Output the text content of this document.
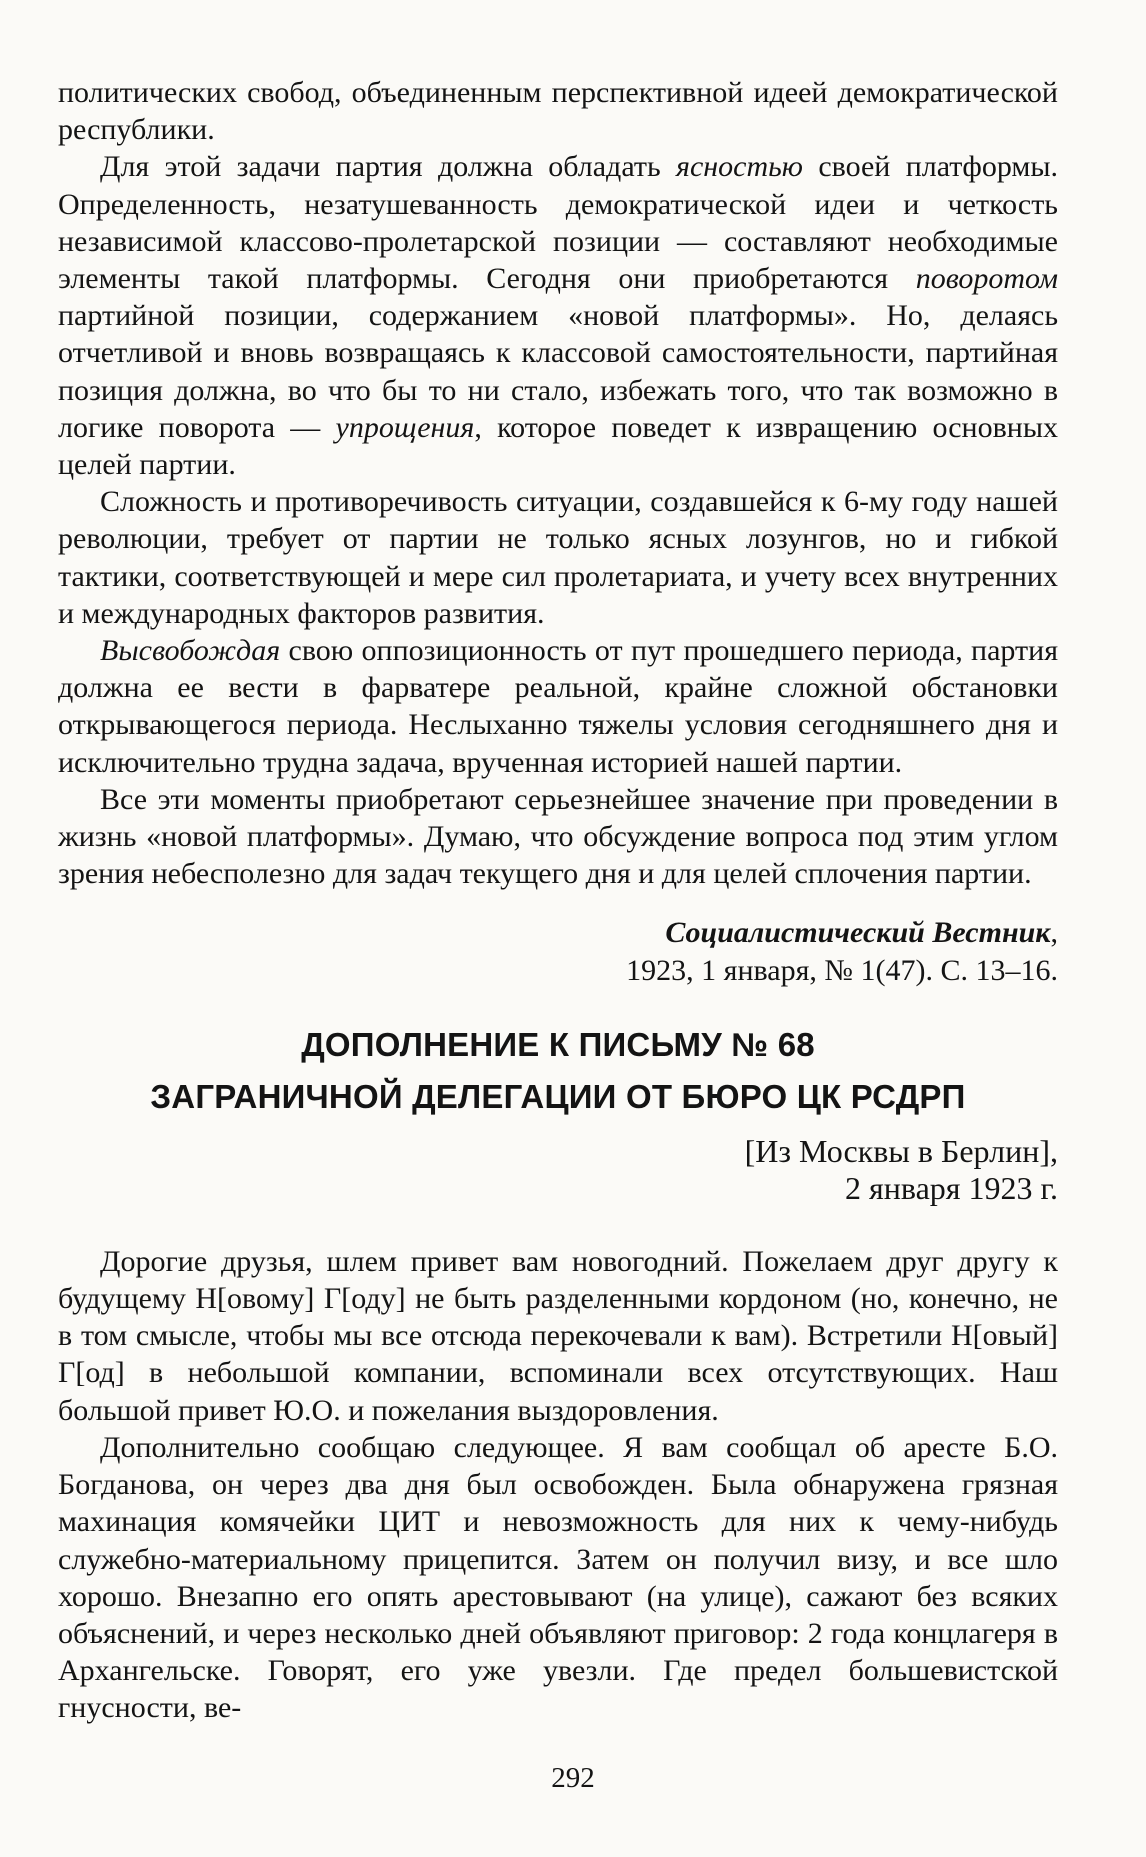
политических свобод, объединенным перспективной идеей демократической республики.

Для этой задачи партия должна обладать ясностью своей платформы. Определенность, незатушеванность демократической идеи и четкость независимой классово-пролетарской позиции — составляют необходимые элементы такой платформы. Сегодня они приобретаются поворотом партийной позиции, содержанием «новой платформы». Но, делаясь отчетливой и вновь возвращаясь к классовой самостоятельности, партийная позиция должна, во что бы то ни стало, избежать того, что так возможно в логике поворота — упрощения, которое поведет к извращению основных целей партии.

Сложность и противоречивость ситуации, создавшейся к 6-му году нашей революции, требует от партии не только ясных лозунгов, но и гибкой тактики, соответствующей и мере сил пролетариата, и учету всех внутренних и международных факторов развития.

Высвобождая свою оппозиционность от пут прошедшего периода, партия должна ее вести в фарватере реальной, крайне сложной обстановки открывающегося периода. Неслыханно тяжелы условия сегодняшнего дня и исключительно трудна задача, врученная историей нашей партии.

Все эти моменты приобретают серьезнейшее значение при проведении в жизнь «новой платформы». Думаю, что обсуждение вопроса под этим углом зрения небесполезно для задач текущего дня и для целей сплочения партии.

Социалистический Вестник,
1923, 1 января, № 1(47). С. 13–16.
ДОПОЛНЕНИЕ К ПИСЬМУ № 68
ЗАГРАНИЧНОЙ ДЕЛЕГАЦИИ ОТ БЮРО ЦК РСДРП
[Из Москвы в Берлин],
2 января 1923 г.

Дорогие друзья, шлем привет вам новогодний. Пожелаем друг другу к будущему Н[овому] Г[оду] не быть разделенными кордоном (но, конечно, не в том смысле, чтобы мы все отсюда перекочевали к вам). Встретили Н[овый] Г[од] в небольшой компании, вспоминали всех отсутствующих. Наш большой привет Ю.О. и пожелания выздоровления.

Дополнительно сообщаю следующее. Я вам сообщал об аресте Б.О. Богданова, он через два дня был освобожден. Была обнаружена грязная махинация комячейки ЦИТ и невозможность для них к чему-нибудь служебно-материальному прицепится. Затем он получил визу, и все шло хорошо. Внезапно его опять арестовывают (на улице), сажают без всяких объяснений, и через несколько дней объявляют приговор: 2 года концлагеря в Архангельске. Говорят, его уже увезли. Где предел большевистской гнусности, ве-

292
